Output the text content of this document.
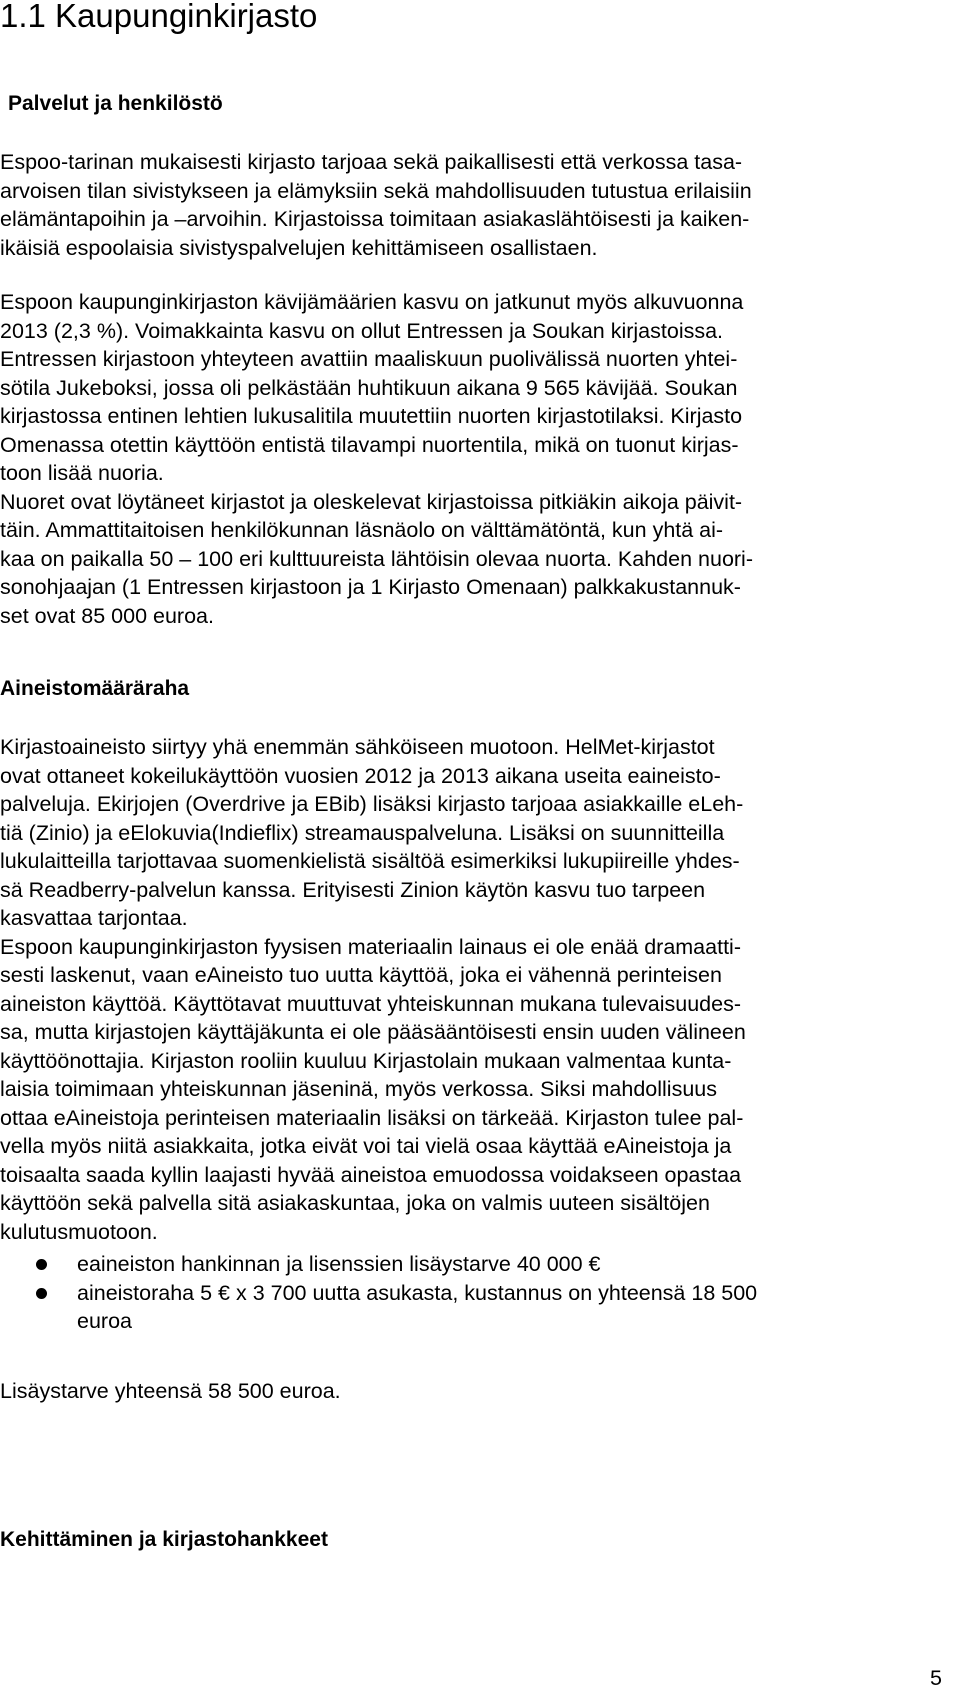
1.1 Kaupunginkirjasto
Palvelut ja henkilöstö

Espoo-tarinan mukaisesti kirjasto tarjoaa sekä paikallisesti että verkossa tasa-
arvoisen tilan sivistykseen ja elämyksiin sekä mahdollisuuden tutustua erilaisiin
elämäntapoihin ja –arvoihin. Kirjastoissa toimitaan asiakaslähtöisesti ja kaiken-
ikäisiä espoolaisia sivistyspalvelujen kehittämiseen osallistaen.

Espoon kaupunginkirjaston kävijämäärien kasvu on jatkunut myös alkuvuonna
2013 (2,3 %). Voimakkainta kasvu on ollut Entressen ja Soukan kirjastoissa.
Entressen kirjastoon yhteyteen avattiin maaliskuun puolivälissä nuorten yhtei-
sötila Jukeboksi, jossa oli pelkästään huhtikuun aikana 9 565 kävijää. Soukan
kirjastossa entinen lehtien lukusalitila muutettiin nuorten kirjastotilaksi. Kirjasto
Omenassa otettin käyttöön entistä tilavampi nuortentila, mikä on tuonut kirjas-
toon lisää nuoria.
Nuoret ovat löytäneet kirjastot ja oleskelevat kirjastoissa pitkiäkin aikoja päivit-
täin. Ammattitaitoisen henkilökunnan läsnäolo on välttämätöntä, kun yhtä ai-
kaa on paikalla 50 – 100 eri kulttuureista lähtöisin olevaa nuorta. Kahden nuori-
sonohjaajan (1 Entressen kirjastoon ja 1 Kirjasto Omenaan) palkkakustannuk-
set ovat 85 000 euroa.

Aineistomääräraha

Kirjastoaineisto siirtyy yhä enemmän sähköiseen muotoon. HelMet-kirjastot
ovat ottaneet kokeilukäyttöön vuosien 2012 ja 2013 aikana useita eaineisto-
palveluja. Ekirjojen (Overdrive ja EBib) lisäksi kirjasto tarjoaa asiakkaille eLeh-
tiä (Zinio) ja eElokuvia(Indieflix) streamauspalveluna. Lisäksi on suunnitteilla
lukulaitteilla tarjottavaa suomenkielistä sisältöä esimerkiksi lukupiireille yhdes-
sä Readberry-palvelun kanssa. Erityisesti Zinion käytön kasvu tuo tarpeen
kasvattaa tarjontaa.
Espoon kaupunginkirjaston fyysisen materiaalin lainaus ei ole enää dramaatti-
sesti laskenut, vaan eAineisto tuo uutta käyttöä, joka ei vähennä perinteisen
aineiston käyttöä. Käyttötavat muuttuvat yhteiskunnan mukana tulevaisuudes-
sa, mutta kirjastojen käyttäjäkunta ei ole pääsääntöisesti ensin uuden välineen
käyttöönottajia. Kirjaston rooliin kuuluu Kirjastolain mukaan valmentaa kunta-
laisia toimimaan yhteiskunnan jäseninä, myös verkossa. Siksi mahdollisuus
ottaa eAineistoja perinteisen materiaalin lisäksi on tärkeää. Kirjaston tulee pal-
vella myös niitä asiakkaita, jotka eivät voi tai vielä osaa käyttää eAineistoja ja
toisaalta saada kyllin laajasti hyvää aineistoa emuodossa voidakseen opastaa
käyttöön sekä palvella sitä asiakaskuntaa, joka on valmis uuteen sisältöjen
kulutusmuotoon.

eaineiston hankinnan ja lisenssien lisäystarve 40 000 €
aineistoraha 5 € x 3 700 uutta asukasta, kustannus on yhteensä 18 500
euroa

Lisäystarve yhteensä 58 500 euroa.

Kehittäminen ja kirjastohankkeet
5
